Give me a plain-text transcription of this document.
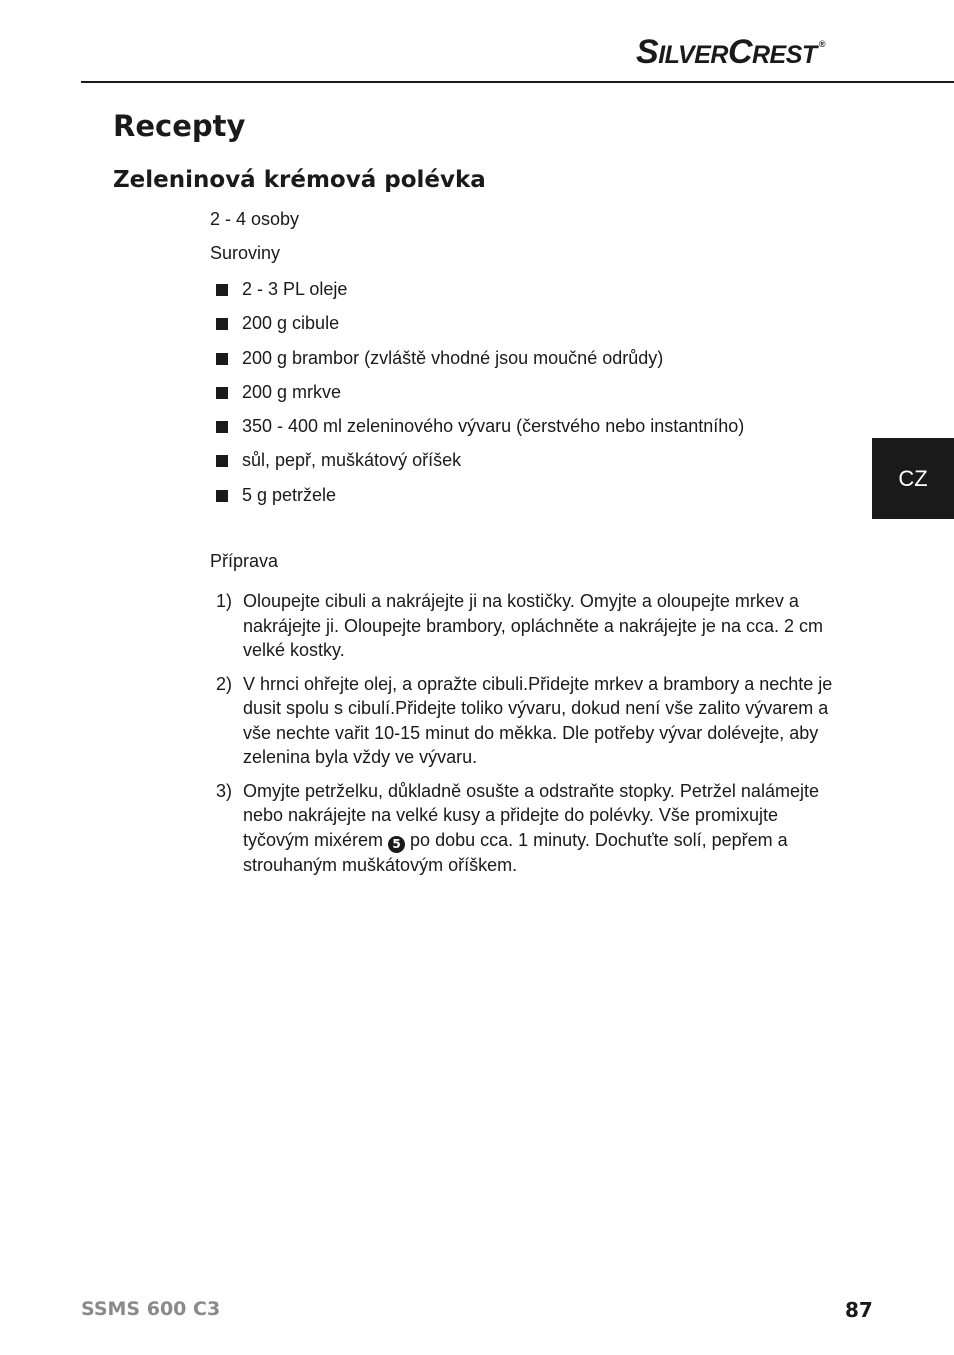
SILVERCREST ®
Recepty
Zeleninová krémová polévka
2 - 4 osoby
Suroviny
2 - 3 PL oleje
200 g cibule
200 g brambor (zvláště vhodné jsou moučné odrůdy)
200 g mrkve
350 - 400 ml zeleninového vývaru (čerstvého nebo instantního)
sůl, pepř, muškátový oříšek
5 g petržele
Příprava
1) Oloupejte cibuli a nakrájejte ji na kostičky. Omyjte a oloupejte mrkev a nakrájejte ji. Oloupejte brambory, opláchněte a nakrájejte je na cca. 2 cm velké kostky.
2) V hrnci ohřejte olej, a opražte cibuli.Přidejte mrkev a brambory a nechte je dusit spolu s cibulí.Přidejte toliko vývaru, dokud není vše zalito vývarem a vše nechte vařit 10-15 minut do měkka. Dle potřeby vývar dolévejte, aby zelenina byla vždy ve vývaru.
3) Omyjte petrželku, důkladně osušte a odstraňte stopky. Petržel nalámejte nebo nakrájejte na velké kusy a přidejte do polévky. Vše promixujte tyčovým mixérem 5 po dobu cca. 1 minuty. Dochuťte solí, pepřem a strouhaným muškátovým oříškem.
CZ
SSMS 600 C3	87
